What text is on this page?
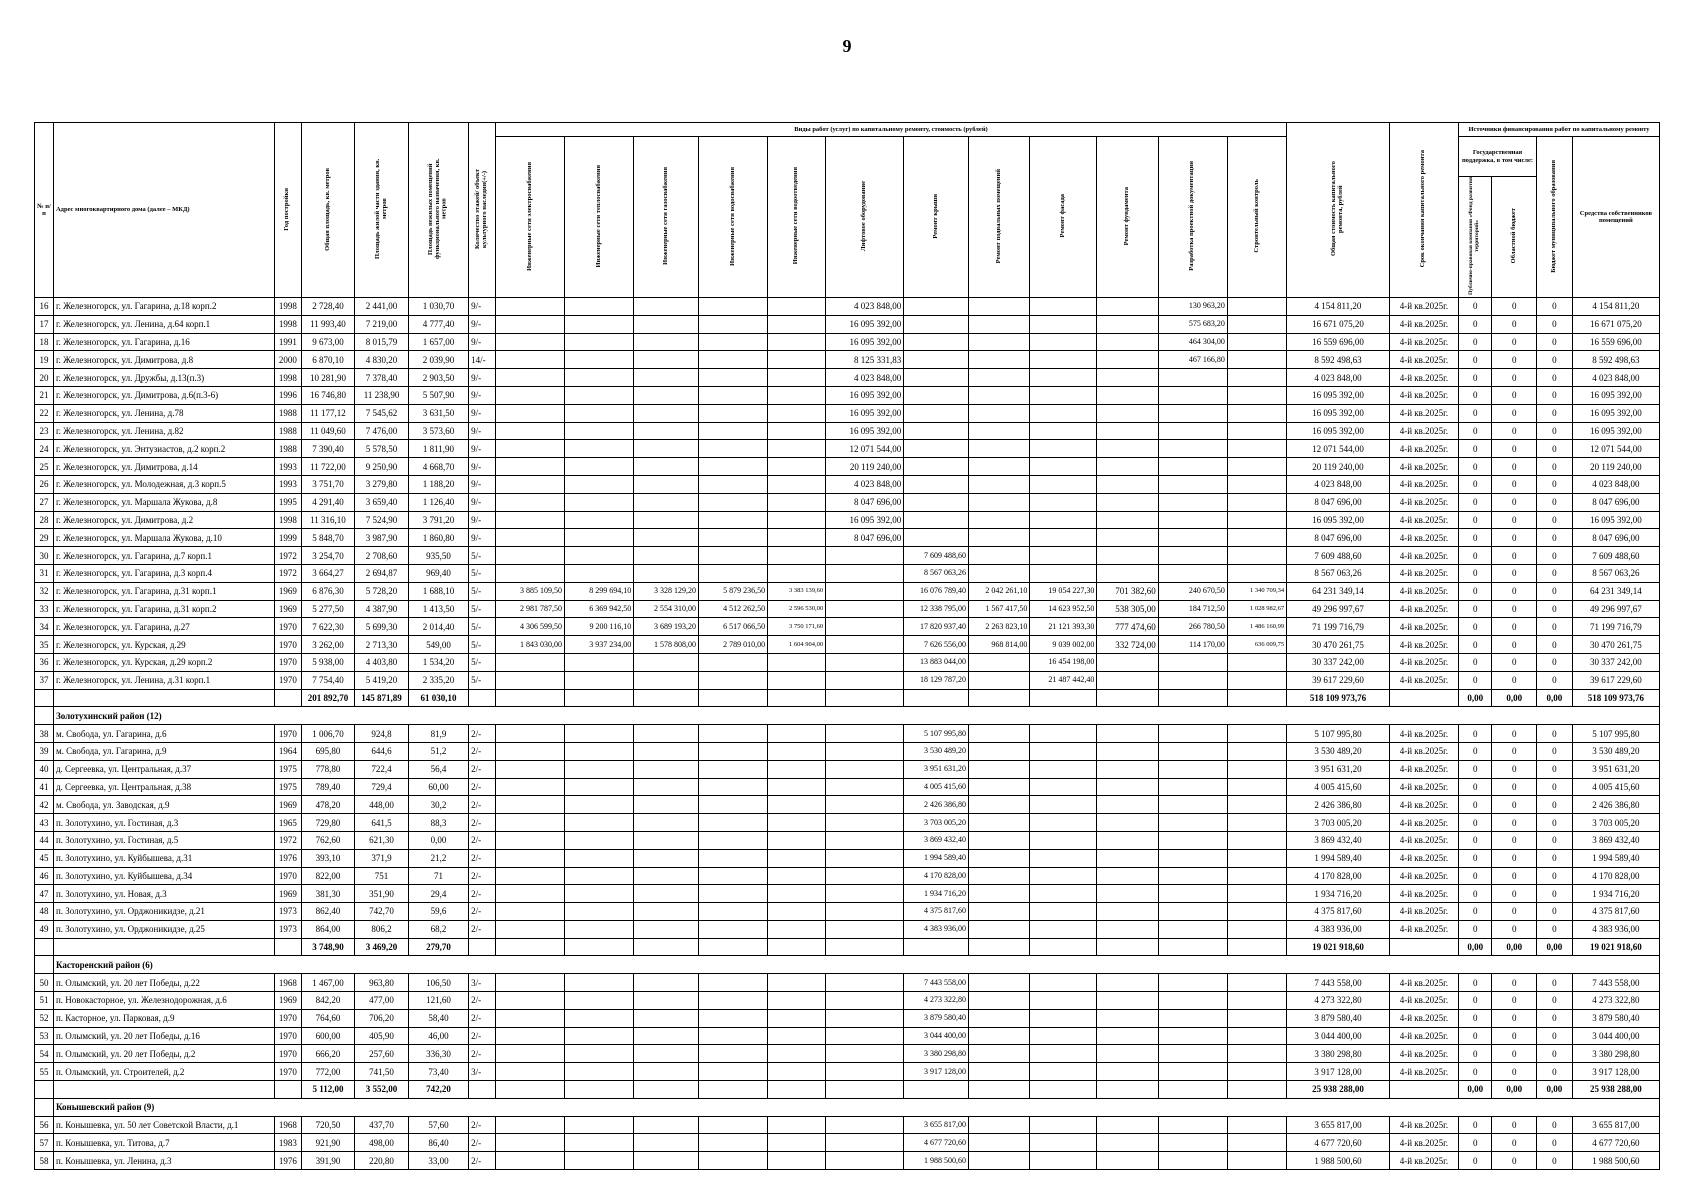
9
№ п/п	Адрес многоквартирного дома (далее – МКД)	Год постройки	Общая площадь, кв. метров	Площадь жилой части здания, кв. метров	Площадь нежилых помещений функционального назначения, кв. метров	Количество этажей/ объект культурного наследия(+/-)	Виды работ (услуг) по капитальному ремонту, стоимость (рублей)												Общая стоимость капитального ремонта, рублей	Срок окончания капитального ремонта	Источники финансирования работ по капитальному ремонту			
							Инженерные сети электроснабжения	Инженерные сети теплоснабжения	Инженерные сети газоснабжения	Инженерные сети водоснабжения	Инженерные сети водоотведения	Лифтовое оборудование	Ремонт крыши	Ремонт подвальных помещений	Ремонт фасада	Ремонт фундамента	Разработка проектной документации	Строительный контроль			Государственная поддержка, в том числе:		Бюджет муниципального образования	Средства собственников помещений
																					Публично-правовая компания «Фонд развития территорий»	Областной бюджет		
16	г. Железногорск, ул. Гагарина, д.18 корп.2	1998	2 728,40	2 441,00	1 030,70	9/-						4 023 848,00					130 963,20		4 154 811,20	4-й кв.2025г.	0	0	0	4 154 811,20
17	г. Железногорск, ул. Ленина, д.64 корп.1	1998	11 993,40	7 219,00	4 777,40	9/-						16 095 392,00					575 683,20		16 671 075,20	4-й кв.2025г.	0	0	0	16 671 075,20
18	г. Железногорск, ул. Гагарина, д.16	1991	9 673,00	8 015,79	1 657,00	9/-						16 095 392,00					464 304,00		16 559 696,00	4-й кв.2025г.	0	0	0	16 559 696,00
19	г. Железногорск, ул. Димитрова, д.8	2000	6 870,10	4 830,20	2 039,90	14/-						8 125 331,83					467 166,80		8 592 498,63	4-й кв.2025г.	0	0	0	8 592 498,63
20	г. Железногорск, ул. Дружбы, д.13(п.3)	1998	10 281,90	7 378,40	2 903,50	9/-						4 023 848,00							4 023 848,00	4-й кв.2025г.	0	0	0	4 023 848,00
21	г. Железногорск, ул. Димитрова, д.6(п.3-6)	1996	16 746,80	11 238,90	5 507,90	9/-						16 095 392,00							16 095 392,00	4-й кв.2025г.	0	0	0	16 095 392,00
22	г. Железногорск, ул. Ленина, д.78	1988	11 177,12	7 545,62	3 631,50	9/-						16 095 392,00							16 095 392,00	4-й кв.2025г.	0	0	0	16 095 392,00
23	г. Железногорск, ул. Ленина, д.82	1988	11 049,60	7 476,00	3 573,60	9/-						16 095 392,00							16 095 392,00	4-й кв.2025г.	0	0	0	16 095 392,00
24	г. Железногорск, ул. Энтузиастов, д.2 корп.2	1988	7 390,40	5 578,50	1 811,90	9/-						12 071 544,00							12 071 544,00	4-й кв.2025г.	0	0	0	12 071 544,00
25	г. Железногорск, ул. Димитрова, д.14	1993	11 722,00	9 250,90	4 668,70	9/-						20 119 240,00							20 119 240,00	4-й кв.2025г.	0	0	0	20 119 240,00
26	г. Железногорск, ул. Молодежная, д.3 корп.5	1993	3 751,70	3 279,80	1 188,20	9/-						4 023 848,00							4 023 848,00	4-й кв.2025г.	0	0	0	4 023 848,00
27	г. Железногорск, ул. Маршала Жукова, д.8	1995	4 291,40	3 659,40	1 126,40	9/-						8 047 696,00							8 047 696,00	4-й кв.2025г.	0	0	0	8 047 696,00
28	г. Железногорск, ул. Димитрова, д.2	1998	11 316,10	7 524,90	3 791,20	9/-						16 095 392,00							16 095 392,00	4-й кв.2025г.	0	0	0	16 095 392,00
29	г. Железногорск, ул. Маршала Жукова, д.10	1999	5 848,70	3 987,90	1 860,80	9/-						8 047 696,00							8 047 696,00	4-й кв.2025г.	0	0	0	8 047 696,00
30	г. Железногорск, ул. Гагарина, д.7 корп.1	1972	3 254,70	2 708,60	935,50	5/-							7 609 488,60						7 609 488,60	4-й кв.2025г.	0	0	0	7 609 488,60
31	г. Железногорск, ул. Гагарина, д.3 корп.4	1972	3 664,27	2 694,87	969,40	5/-							8 567 063,26						8 567 063,26	4-й кв.2025г.	0	0	0	8 567 063,26
32	г. Железногорск, ул. Гагарина, д.31 корп.1	1969	6 876,30	5 728,20	1 688,10	5/-	3 885 109,50	8 299 694,10	3 328 129,20	5 879 236,50	3 383 139,60		16 076 789,40	2 042 261,10	19 054 227,30	701 382,60	240 670,50	1 340 709,34	64 231 349,14	4-й кв.2025г.	0	0	0	64 231 349,14
33	г. Железногорск, ул. Гагарина, д.31 корп.2	1969	5 277,50	4 387,90	1 413,50	5/-	2 981 787,50	6 369 942,50	2 554 310,00	4 512 262,50	2 596 530,00		12 338 795,00	1 567 417,50	14 623 952,50	538 305,00	184 712,50	1 028 982,67	49 296 997,67	4-й кв.2025г.	0	0	0	49 296 997,67
34	г. Железногорск, ул. Гагарина, д.27	1970	7 622,30	5 699,30	2 014,40	5/-	4 306 599,50	9 200 116,10	3 689 193,20	6 517 066,50	3 750 171,60		17 820 937,40	2 263 823,10	21 121 393,30	777 474,60	266 780,50	1 486 160,99	71 199 716,79	4-й кв.2025г.	0	0	0	71 199 716,79
35	г. Железногорск, ул. Курская, д.29	1970	3 262,00	2 713,30	549,00	5/-	1 843 030,00	3 937 234,00	1 578 808,00	2 789 010,00	1 604 904,00		7 626 556,00	968 814,00	9 039 002,00	332 724,00	114 170,00	636 009,75	30 470 261,75	4-й кв.2025г.	0	0	0	30 470 261,75
36	г. Железногорск, ул. Курская, д.29 корп.2	1970	5 938,00	4 403,80	1 534,20	5/-							13 883 044,00		16 454 198,00				30 337 242,00	4-й кв.2025г.	0	0	0	30 337 242,00
37	г. Железногорск, ул. Ленина, д.31 корп.1	1970	7 754,40	5 419,20	2 335,20	5/-							18 129 787,20		21 487 442,40				39 617 229,60	4-й кв.2025г.	0	0	0	39 617 229,60
			201 892,70	145 871,89	61 030,10														518 109 973,76		0,00	0,00	0,00	518 109 973,76
	Золотухинский район (12)																							
38	м. Свобода, ул. Гагарина, д.6	1970	1 006,70	924,8	81,9	2/-							5 107 995,80						5 107 995,80	4-й кв.2025г.	0	0	0	5 107 995,80
39	м. Свобода, ул. Гагарина, д.9	1964	695,80	644,6	51,2	2/-							3 530 489,20						3 530 489,20	4-й кв.2025г.	0	0	0	3 530 489,20
40	д. Сергеевка, ул. Центральная, д.37	1975	778,80	722,4	56,4	2/-							3 951 631,20						3 951 631,20	4-й кв.2025г.	0	0	0	3 951 631,20
41	д. Сергеевка, ул. Центральная, д.38	1975	789,40	729,4	60,00	2/-							4 005 415,60						4 005 415,60	4-й кв.2025г.	0	0	0	4 005 415,60
42	м. Свобода, ул. Заводская, д.9	1969	478,20	448,00	30,2	2/-							2 426 386,80						2 426 386,80	4-й кв.2025г.	0	0	0	2 426 386,80
43	п. Золотухино, ул. Гостиная, д.3	1965	729,80	641,5	88,3	2/-							3 703 005,20						3 703 005,20	4-й кв.2025г.	0	0	0	3 703 005,20
44	п. Золотухино, ул. Гостиная, д.5	1972	762,60	621,30	0,00	2/-							3 869 432,40						3 869 432,40	4-й кв.2025г.	0	0	0	3 869 432,40
45	п. Золотухино, ул. Куйбышева, д.31	1976	393,10	371,9	21,2	2/-							1 994 589,40						1 994 589,40	4-й кв.2025г.	0	0	0	1 994 589,40
46	п. Золотухино, ул. Куйбышева, д.34	1970	822,00	751	71	2/-							4 170 828,00						4 170 828,00	4-й кв.2025г.	0	0	0	4 170 828,00
47	п. Золотухино, ул. Новая, д.3	1969	381,30	351,90	29,4	2/-							1 934 716,20						1 934 716,20	4-й кв.2025г.	0	0	0	1 934 716,20
48	п. Золотухино, ул. Орджоникидзе, д.21	1973	862,40	742,70	59,6	2/-							4 375 817,60						4 375 817,60	4-й кв.2025г.	0	0	0	4 375 817,60
49	п. Золотухино, ул. Орджоникидзе, д.25	1973	864,00	806,2	68,2	2/-							4 383 936,00						4 383 936,00	4-й кв.2025г.	0	0	0	4 383 936,00
			3 748,90	3 469,20	279,70														19 021 918,60		0,00	0,00	0,00	19 021 918,60
	Касторенский район (6)																							
50	п. Олымский, ул. 20 лет Победы, д.22	1968	1 467,00	963,80	106,50	3/-							7 443 558,00						7 443 558,00	4-й кв.2025г.	0	0	0	7 443 558,00
51	п. Новокасторное, ул. Железнодорожная, д.6	1969	842,20	477,00	121,60	2/-							4 273 322,80						4 273 322,80	4-й кв.2025г.	0	0	0	4 273 322,80
52	п. Касторное, ул. Парковая, д.9	1970	764,60	706,20	58,40	2/-							3 879 580,40						3 879 580,40	4-й кв.2025г.	0	0	0	3 879 580,40
53	п. Олымский, ул. 20 лет Победы, д.16	1970	600,00	405,90	46,00	2/-							3 044 400,00						3 044 400,00	4-й кв.2025г.	0	0	0	3 044 400,00
54	п. Олымский, ул. 20 лет Победы, д.2	1970	666,20	257,60	336,30	2/-							3 380 298,80						3 380 298,80	4-й кв.2025г.	0	0	0	3 380 298,80
55	п. Олымский, ул. Строителей, д.2	1970	772,00	741,50	73,40	3/-							3 917 128,00						3 917 128,00	4-й кв.2025г.	0	0	0	3 917 128,00
			5 112,00	3 552,00	742,20														25 938 288,00		0,00	0,00	0,00	25 938 288,00
	Конышевский район (9)																							
56	п. Конышевка, ул. 50 лет Советской Власти, д.1	1968	720,50	437,70	57,60	2/-							3 655 817,00						3 655 817,00	4-й кв.2025г.	0	0	0	3 655 817,00
57	п. Конышевка, ул. Титова, д.7	1983	921,90	498,00	86,40	2/-							4 677 720,60						4 677 720,60	4-й кв.2025г.	0	0	0	4 677 720,60
58	п. Конышевка, ул. Ленина, д.3	1976	391,90	220,80	33,00	2/-							1 988 500,60						1 988 500,60	4-й кв.2025г.	0	0	0	1 988 500,60
